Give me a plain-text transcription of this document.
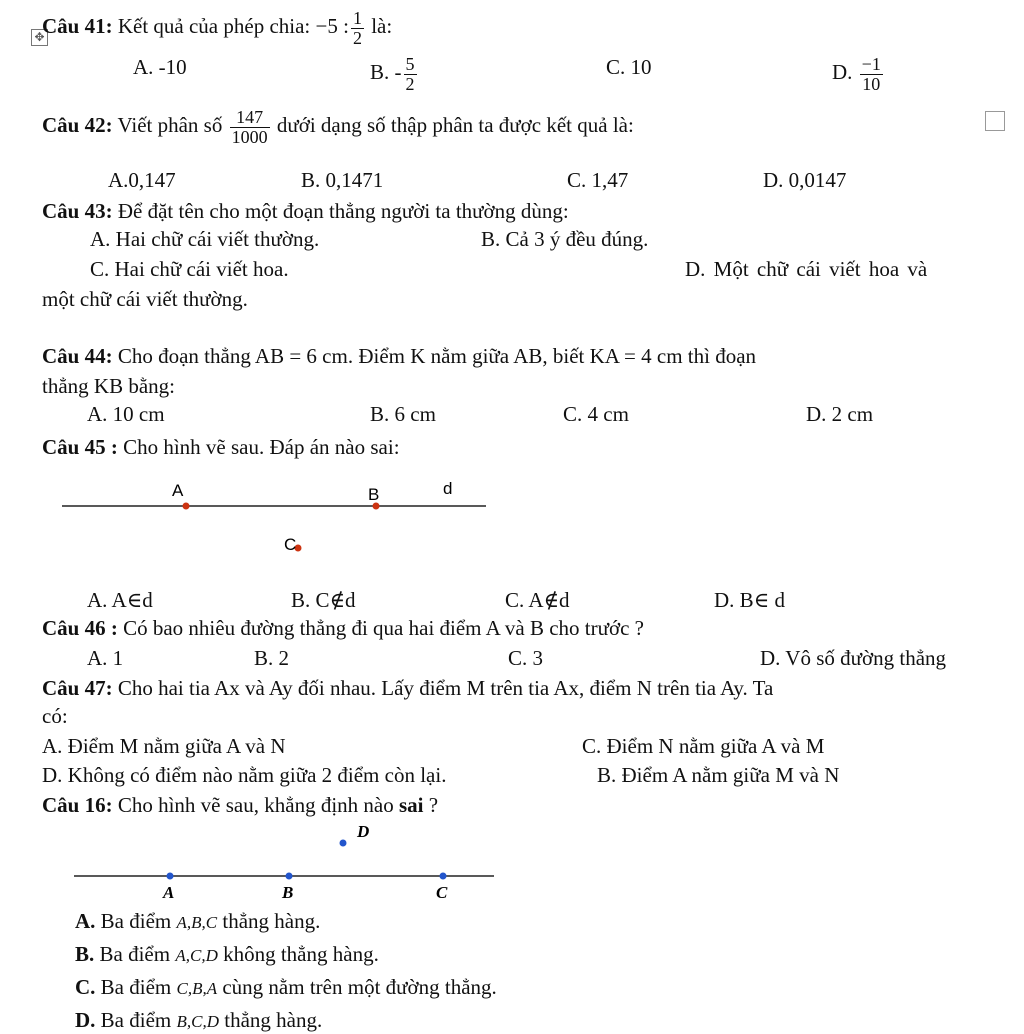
✥
Câu 41: Kết quả của phép chia: −5 : $\frac{1}{2}$ là:
A. -10	B. - $\frac{5}{2}$	C. 10	D. $\frac{-1}{10}$
Câu 42: Viết phân số $\frac{147}{1000}$ dưới dạng số thập phân ta được kết quả là:
A.0,147	B. 0,1471	C. 1,47	D. 0,0147
Câu 43: Để đặt tên cho một đoạn thẳng người ta thường dùng:
A. Hai chữ cái viết thường.	B. Cả 3 ý đều đúng.
C. Hai chữ cái viết hoa.	D. Một chữ cái viết hoa và
một chữ cái viết thường.
Câu 44: Cho đoạn thẳng AB = 6 cm. Điểm K nằm giữa AB, biết KA = 4 cm thì đoạn
thẳng KB bằng:
A. 10 cm	B. 6 cm	C. 4 cm	D. 2 cm
Câu 45 : Cho hình vẽ sau. Đáp án nào sai:
A	B	d
C
A. A∈d	B. C∉d	C. A∉d	D. B∈ d
Câu 46 : Có bao nhiêu đường thẳng đi qua hai điểm A và B cho trước ?
A. 1	B. 2	C. 3	D. Vô số đường thẳng
Câu 47: Cho hai tia Ax và Ay đối nhau. Lấy điểm M trên tia Ax, điểm N trên tia Ay. Ta
có:
A. Điểm M nằm giữa A và N	C. Điểm N nằm giữa A và M
D. Không có điểm nào nằm giữa 2 điểm còn lại.	B. Điểm A nằm giữa M và N
Câu 16: Cho hình vẽ sau, khẳng định nào sai ?
D
A	B	C
A. Ba điểm A,B,C thẳng hàng.
B. Ba điểm A,C,D không thẳng hàng.
C. Ba điểm C,B,A cùng nằm trên một đường thẳng.
D. Ba điểm B,C,D thẳng hàng.
